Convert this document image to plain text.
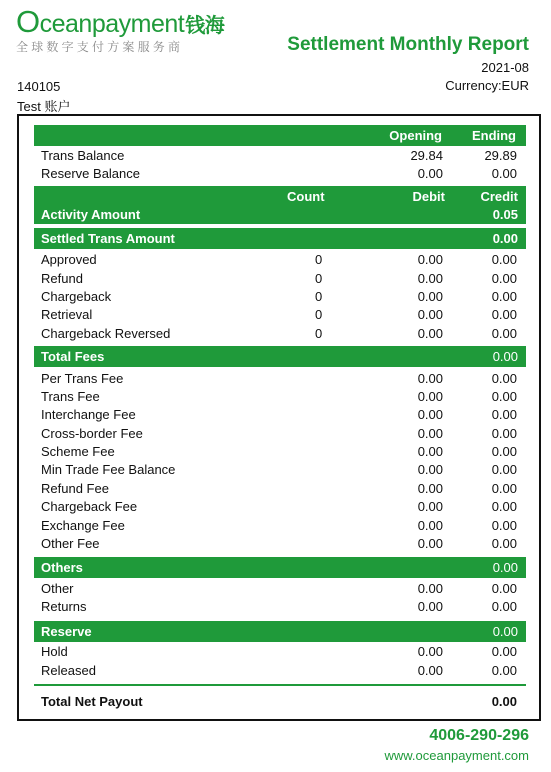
Oceanpayment钱海
全球数字支付方案服务商	Settlement Monthly Report
2021-08
Currency:EUR
140105
Test 账户
Opening Ending
Trans Balance	29.84	29.89
Reserve Balance	0.00	0.00
Count	Debit	Credit
Activity Amount	0.05
Settled Trans Amount	0.00
Approved	0	0.00	0.00
Refund	0	0.00	0.00
Chargeback	0	0.00	0.00
Retrieval	0	0.00	0.00
Chargeback Reversed	0	0.00	0.00
Total Fees	0.00
Per Trans Fee	0.00	0.00
Trans Fee	0.00	0.00
Interchange Fee	0.00	0.00
Cross-border Fee	0.00	0.00
Scheme Fee	0.00	0.00
Min Trade Fee Balance	0.00	0.00
Refund Fee	0.00	0.00
Chargeback Fee	0.00	0.00
Exchange Fee	0.00	0.00
Other Fee	0.00	0.00
Others	0.00
Other	0.00	0.00
Returns	0.00	0.00
Reserve	0.00
Hold	0.00	0.00
Released	0.00	0.00
Total Net Payout	0.00
4006-290-296
www.oceanpayment.com
